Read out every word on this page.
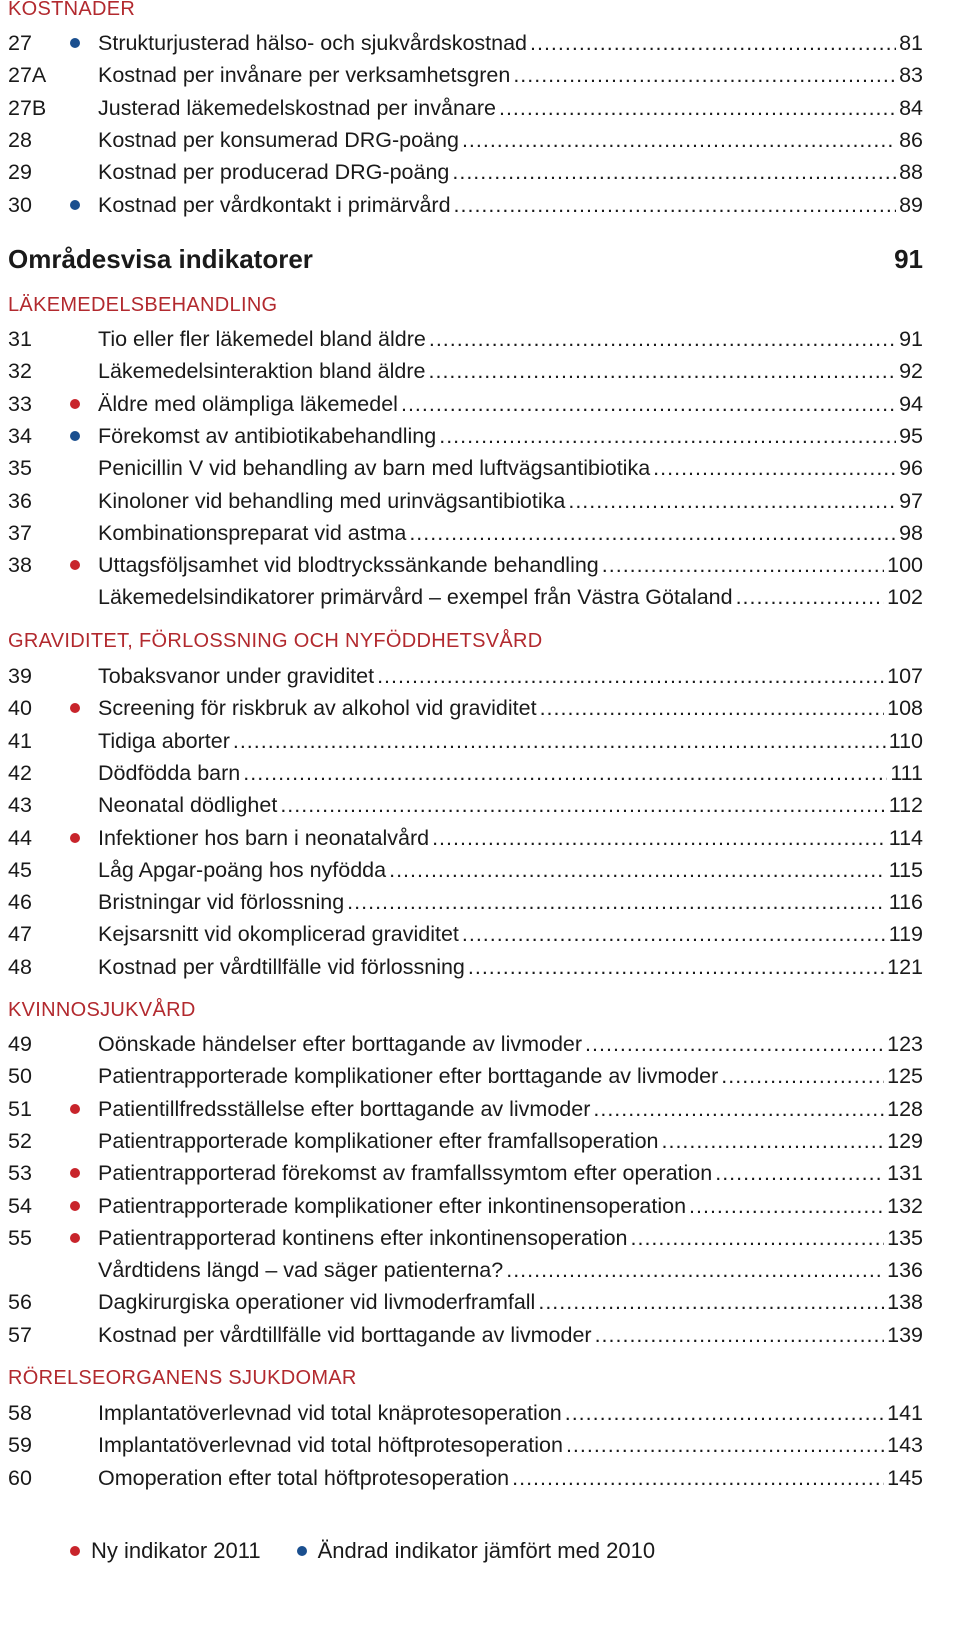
KOSTNADER
27	Strukturjusterad hälso- och sjukvårdskostnad .....	81
27A Kostnad per invånare per verksamhetsgren .....	83
27B Justerad läkemedelskostnad per invånare .....	84
28	Kostnad per konsumerad DRG-poäng .....	86
29	Kostnad per producerad DRG-poäng .....	88
30	Kostnad per vårdkontakt i primärvård .....	89
Områdesvisa indikatorer	91
LÄKEMEDELSBEHANDLING
31	Tio eller fler läkemedel bland äldre .....	91
32	Läkemedelsinteraktion bland äldre .....	92
33	Äldre med olämpliga läkemedel .....	94
34	Förekomst av antibiotikabehandling .....	95
35	Penicillin V vid behandling av barn med luftvägsantibiotika .....	96
36	Kinoloner vid behandling med urinvägsantibiotika .....	97
37	Kombinationspreparat vid astma .....	98
38	Uttagsföljsamhet vid blodtryckssänkande behandling .....	100
Läkemedelsindikatorer primärvård – exempel från Västra Götaland .....	102
GRAVIDITET, FÖRLOSSNING OCH NYFÖDDHETSVÅRD
39	Tobaksvanor under graviditet .....	107
40	Screening för riskbruk av alkohol vid graviditet .....	108
41	Tidiga aborter .....	110
42	Dödfödda barn .....	111
43	Neonatal dödlighet .....	112
44	Infektioner hos barn i neonatalvård .....	114
45	Låg Apgar-poäng hos nyfödda .....	115
46	Bristningar vid förlossning .....	116
47	Kejsarsnitt vid okomplicerad graviditet .....	119
48	Kostnad per vårdtillfälle vid förlossning .....	121
KVINNOSJUKVÅRD
49	Oönskade händelser efter borttagande av livmoder .....	123
50	Patientrapporterade komplikationer efter borttagande av livmoder .....	125
51	Patientillfredsställelse efter borttagande av livmoder .....	128
52	Patientrapporterade komplikationer efter framfallsoperation .....	129
53	Patientrapporterad förekomst av framfallssymtom efter operation .....	131
54	Patientrapporterade komplikationer efter inkontinensoperation .....	132
55	Patientrapporterad kontinens efter inkontinensoperation .....	135
Vårdtidens längd – vad säger patienterna? .....	136
56	Dagkirurgiska operationer vid livmoderframfall .....	138
57	Kostnad per vårdtillfälle vid borttagande av livmoder .....	139
RÖRELSEORGANENS SJUKDOMAR
58	Implantatöverlevnad vid total knäprotesoperation .....	141
59	Implantatöverlevnad vid total höftprotesoperation .....	143
60	Omoperation efter total höftprotesoperation .....	145
Ny indikator 2011	Ändrad indikator jämfört med 2010
